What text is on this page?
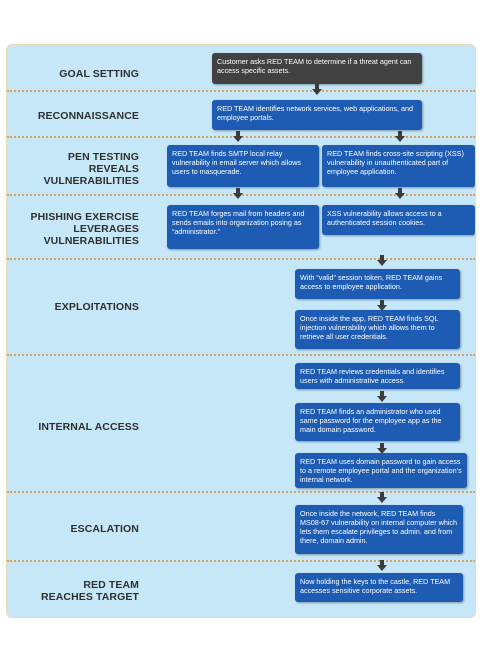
GOAL SETTING
RECONNAISSANCE
PEN TESTING
REVEALS
VULNERABILITIES
PHISHING EXERCISE
LEVERAGES
VULNERABILITIES
EXPLOITATIONS
INTERNAL ACCESS
ESCALATION
RED TEAM
REACHES TARGET
Customer asks RED TEAM to determine if a threat agent can access specific assets.
RED TEAM identifies network services, web applications, and employee portals.
RED TEAM finds SMTP local relay vulnerability in email server which allows users to masquerade.
RED TEAM finds cross-site scripting (XSS) vulnerability in unauthenticated part of employee application.
RED TEAM forges mail from headers and sends emails into organization posing as “administrator.”
XSS vulnerability allows access to a authenticated session cookies.
With “valid” session token, RED TEAM gains access to employee application.
Once inside the app, RED TEAM finds SQL injection vulnerability which allows them to retrieve all user credentials.
RED TEAM reviews credentials and identifies users with administrative access.
RED TEAM finds an administrator who used same password for the employee app as the main domain password.
RED TEAM uses domain password to gain access to a remote employee portal and the organization’s internal network.
Once inside the network, RED TEAM finds MS08-67 vulnerability on internal computer which lets them escalate privileges to admin. and from there, domain admin.
Now holding the keys to the castle, RED TEAM accesses sensitive corporate assets.
